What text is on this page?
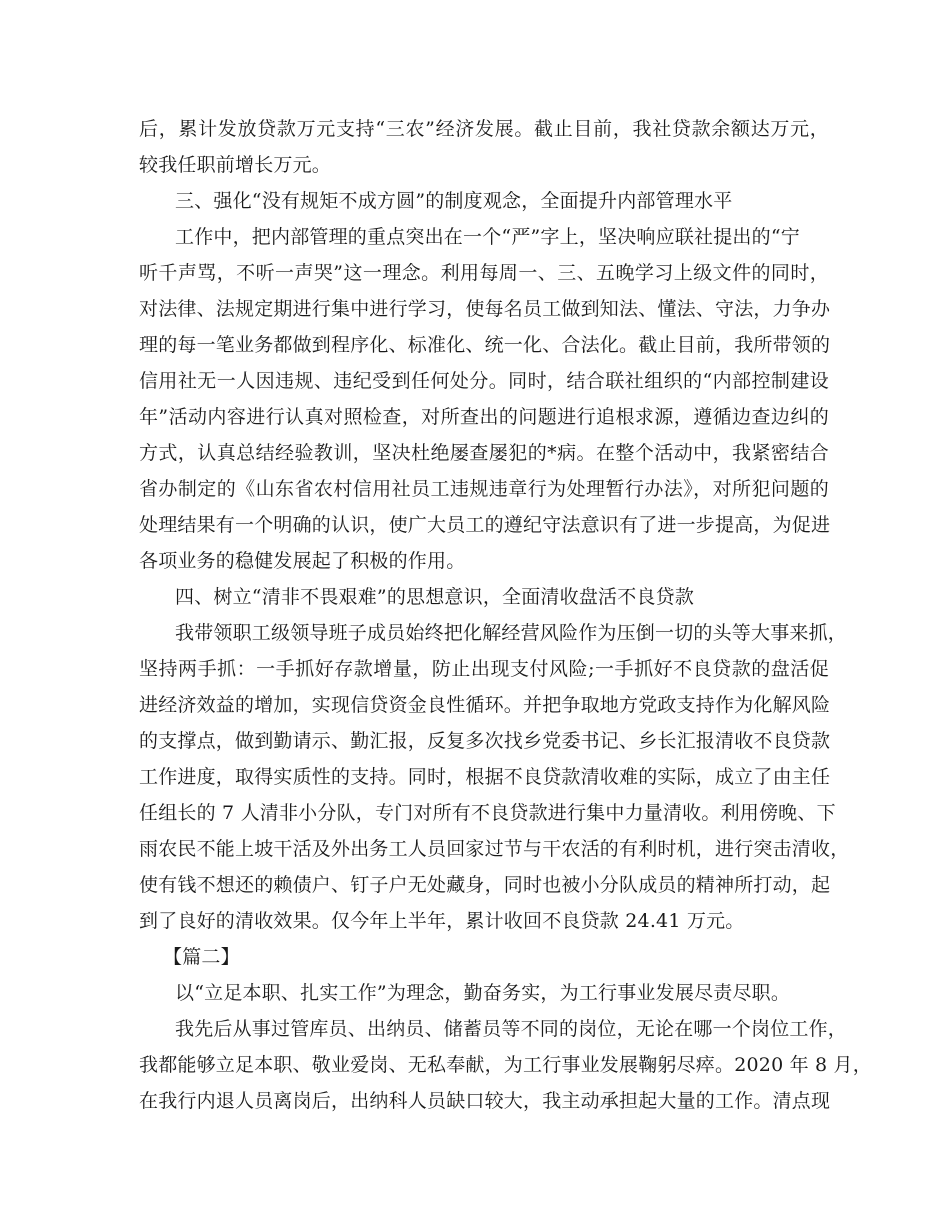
后，累计发放贷款万元支持“三农”经济发展。截止目前，我社贷款余额达万元，
较我任职前增长万元。
三、强化“没有规矩不成方圆”的制度观念，全面提升内部管理水平
工作中，把内部管理的重点突出在一个“严”字上，坚决响应联社提出的“宁
听千声骂，不听一声哭”这一理念。利用每周一、三、五晚学习上级文件的同时，
对法律、法规定期进行集中进行学习，使每名员工做到知法、懂法、守法，力争办
理的每一笔业务都做到程序化、标准化、统一化、合法化。截止目前，我所带领的
信用社无一人因违规、违纪受到任何处分。同时，结合联社组织的“内部控制建设
年”活动内容进行认真对照检查，对所查出的问题进行追根求源，遵循边查边纠的
方式，认真总结经验教训，坚决杜绝屡查屡犯的*病。在整个活动中，我紧密结合
省办制定的《山东省农村信用社员工违规违章行为处理暂行办法》，对所犯问题的
处理结果有一个明确的认识，使广大员工的遵纪守法意识有了进一步提高，为促进
各项业务的稳健发展起了积极的作用。
四、树立“清非不畏艰难”的思想意识，全面清收盘活不良贷款
我带领职工级领导班子成员始终把化解经营风险作为压倒一切的头等大事来抓，
坚持两手抓：一手抓好存款增量，防止出现支付风险;一手抓好不良贷款的盘活促
进经济效益的增加，实现信贷资金良性循环。并把争取地方党政支持作为化解风险
的支撑点，做到勤请示、勤汇报，反复多次找乡党委书记、乡长汇报清收不良贷款
工作进度，取得实质性的支持。同时，根据不良贷款清收难的实际，成立了由主任
任组长的 7 人清非小分队，专门对所有不良贷款进行集中力量清收。利用傍晚、下
雨农民不能上坡干活及外出务工人员回家过节与干农活的有利时机，进行突击清收，
使有钱不想还的赖债户、钉子户无处藏身，同时也被小分队成员的精神所打动，起
到了良好的清收效果。仅今年上半年，累计收回不良贷款 24.41 万元。
【篇二】
以“立足本职、扎实工作”为理念，勤奋务实，为工行事业发展尽责尽职。
我先后从事过管库员、出纳员、储蓄员等不同的岗位，无论在哪一个岗位工作，
我都能够立足本职、敬业爱岗、无私奉献，为工行事业发展鞠躬尽瘁。2020 年 8 月，
在我行内退人员离岗后，出纳科人员缺口较大，我主动承担起大量的工作。清点现
